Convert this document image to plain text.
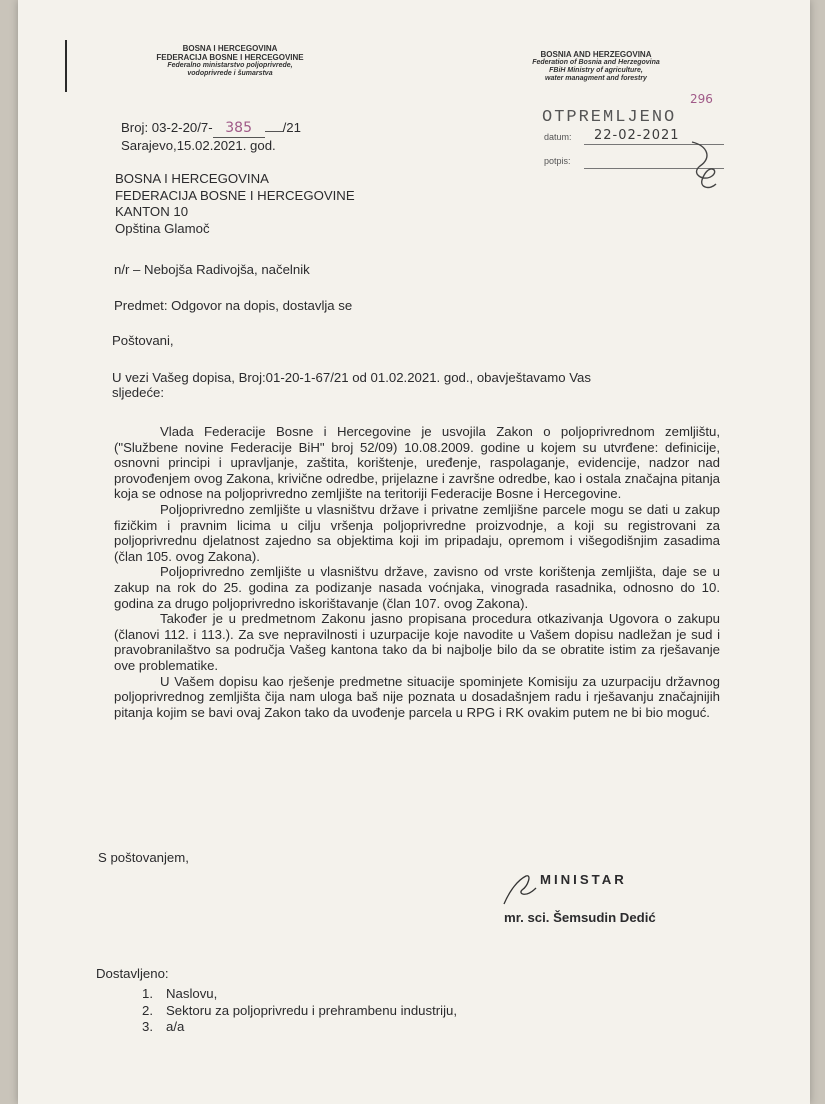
BOSNA I HERCEGOVINA
FEDERACIJA BOSNE I HERCEGOVINE
Federalno ministarstvo poljoprivrede,
vodoprivrede i šumarstva
BOSNIA AND HERZEGOVINA
Federation of Bosnia and Herzegovina
FBiH Ministry of agriculture,
water managment and forestry
OTPREMLJENO
296
datum: 22-02-2021
potpis:
Broj: 03-2-20/7- 385 /21
Sarajevo,15.02.2021. god.
BOSNA I HERCEGOVINA
FEDERACIJA BOSNE I HERCEGOVINE
KANTON 10
Opština Glamoč
n/r – Nebojša Radivojša, načelnik
Predmet: Odgovor na dopis, dostavlja se
Poštovani,
U vezi Vašeg dopisa, Broj:01-20-1-67/21 od 01.02.2021. god., obavještavamo Vas
sljedeće:
Vlada Federacije Bosne i Hercegovine je usvojila Zakon o poljoprivrednom zemljištu, ("Službene novine Federacije BiH" broj 52/09) 10.08.2009. godine u kojem su utvrđene: definicije, osnovni principi i upravljanje, zaštita, korištenje, uređenje, raspolaganje, evidencije, nadzor nad provođenjem ovog Zakona, krivične odredbe, prijelazne i završne odredbe, kao i ostala značajna pitanja koja se odnose na poljoprivredno zemljište na teritoriji Federacije Bosne i Hercegovine.
Poljoprivredno zemljište u vlasništvu države i privatne zemljišne parcele mogu se dati u zakup fizičkim i pravnim licima u cilju vršenja poljoprivredne proizvodnje, a koji su registrovani za poljoprivrednu djelatnost zajedno sa objektima koji im pripadaju, opremom i višegodišnjim zasadima (član 105. ovog Zakona).
Poljoprivredno zemljište u vlasništvu države, zavisno od vrste korištenja zemljišta, daje se u zakup na rok do 25. godina za podizanje nasada voćnjaka, vinograda rasadnika, odnosno do 10. godina za drugo poljoprivredno iskorištavanje (član 107. ovog Zakona).
Također je u predmetnom Zakonu jasno propisana procedura otkazivanja Ugovora o zakupu (članovi 112. i 113.). Za sve nepravilnosti i uzurpacije koje navodite u Vašem dopisu nadležan je sud i pravobranilaštvo sa područja Vašeg kantona tako da bi najbolje bilo da se obratite istim za rješavanje ove problematike.
U Vašem dopisu kao rješenje predmetne situacije spominjete Komisiju za uzurpaciju državnog poljoprivrednog zemljišta čija nam uloga baš nije poznata u dosadašnjem radu i rješavanju značajnijih pitanja kojim se bavi ovaj Zakon tako da uvođenje parcela u RPG i RK ovakim putem ne bi bio moguć.
S poštovanjem,
MINISTAR
mr. sci. Šemsudin Dedić
Dostavljeno:
1. Naslovu,
2. Sektoru za poljoprivredu i prehrambenu industriju,
3. a/a
